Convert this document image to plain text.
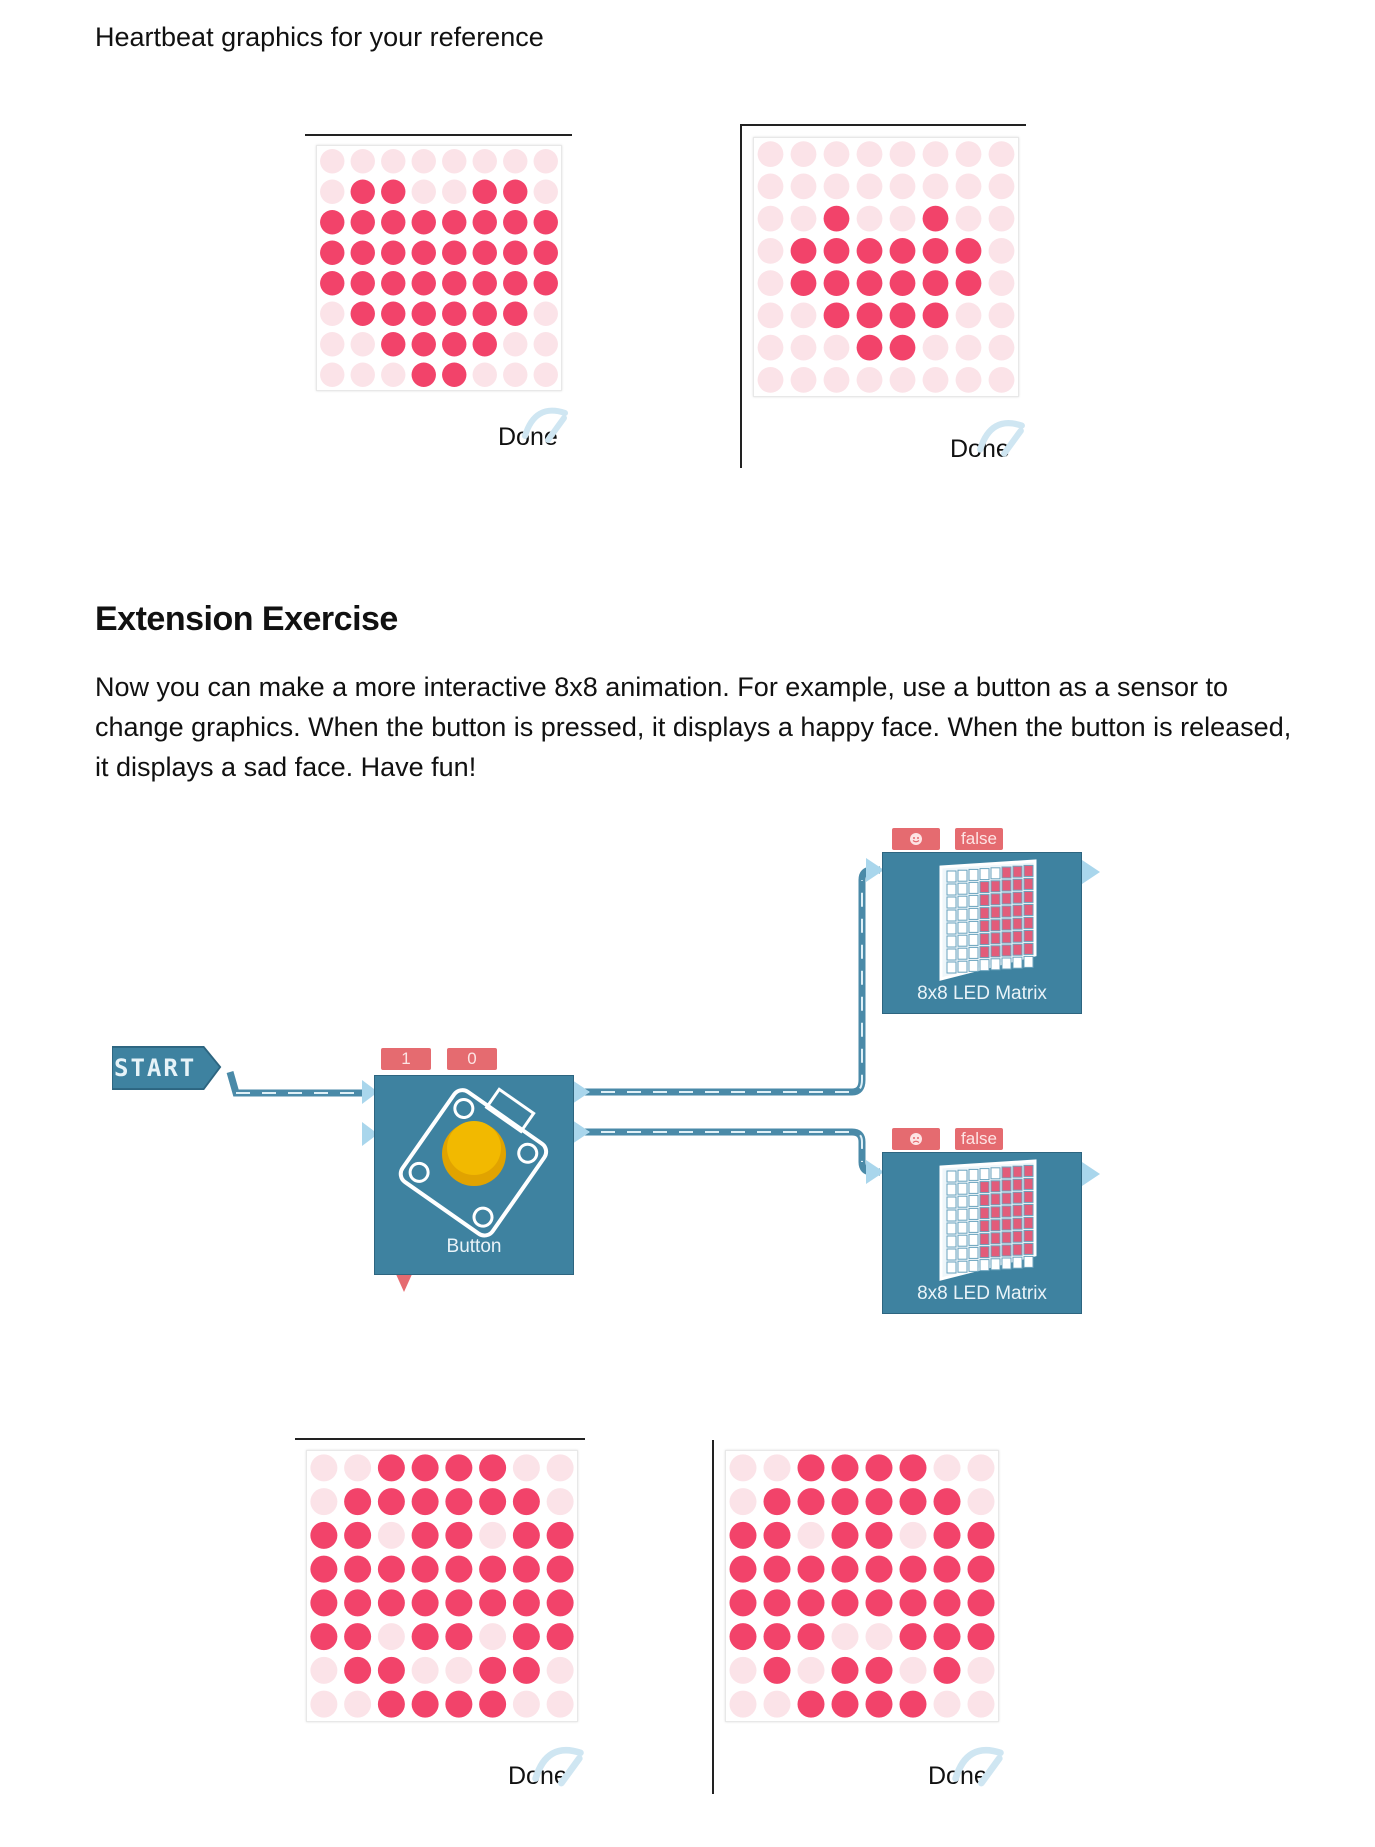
Heartbeat graphics for your reference
Done	Done
Extension Exercise
Now you can make a more interactive 8x8 animation. For example, use a button as a sensor to change graphics. When the button is pressed, it displays a happy face. When the button is released, it displays a sad face. Have fun!
START	1	0
Button
false
8x8 LED Matrix
false
8x8 LED Matrix
Done	Done
